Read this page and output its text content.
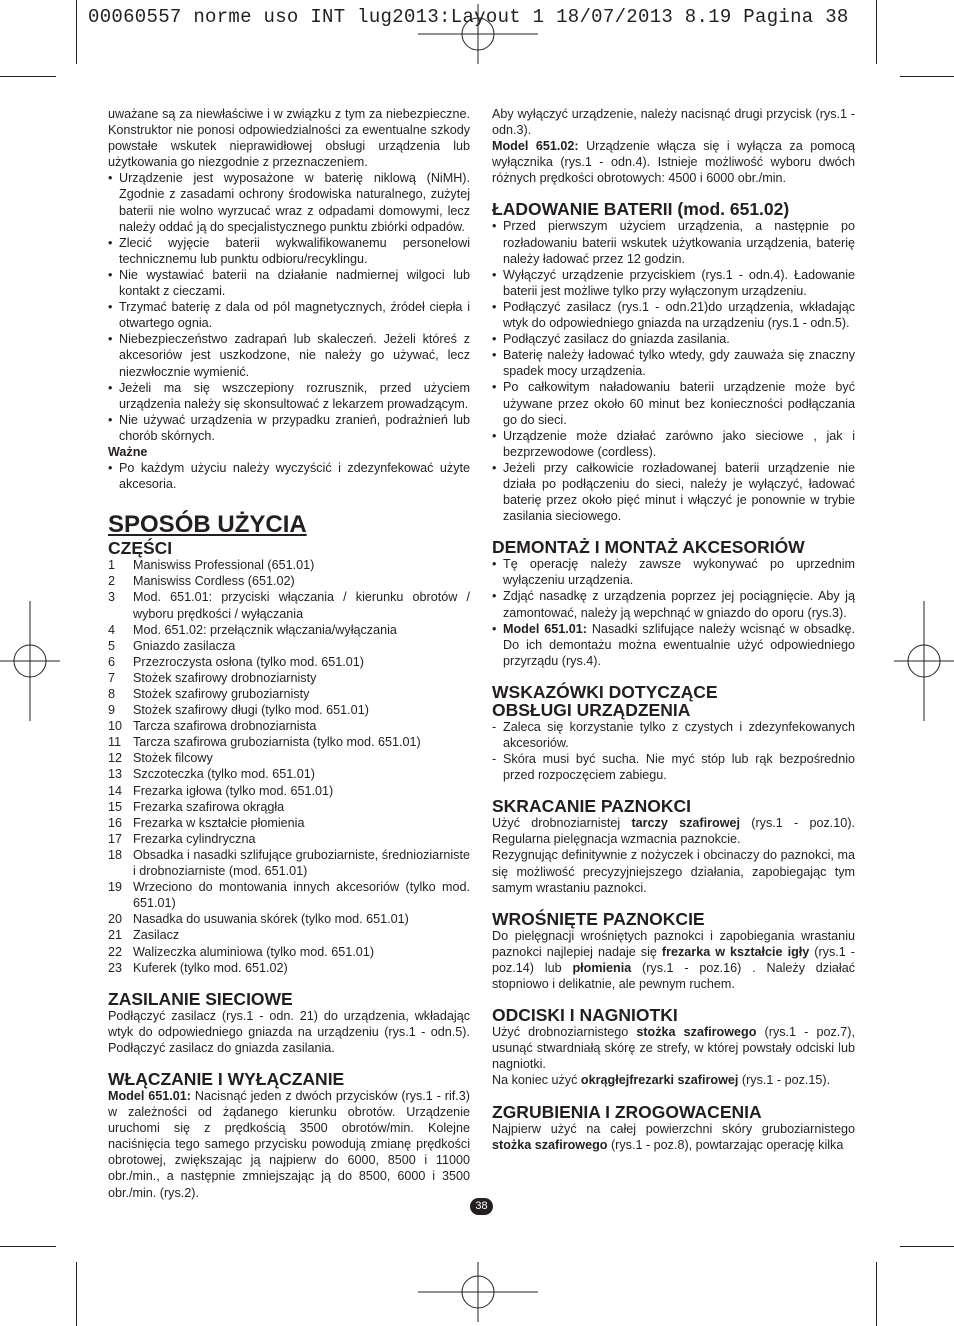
00060557 norme uso INT lug2013:Layout 1 18/07/2013 8.19 Pagina 38

uważane są za niewłaściwe i w związku z tym za niebezpieczne. Konstruktor nie ponosi odpowiedzialności za ewentualne szkody powstałe wskutek nieprawidłowej obsługi urządzenia lub użytkowania go niezgodnie z przeznaczeniem.

• Urządzenie jest wyposażone w baterię niklową (NiMH). Zgodnie z zasadami ochrony środowiska naturalnego, zużytej baterii nie wolno wyrzucać wraz z odpadami domowymi, lecz należy oddać ją do specjalistycznego punktu zbiórki odpadów.
• Zlecić wyjęcie baterii wykwalifikowanemu personelowi technicznemu lub punktu odbioru/recyklingu.
• Nie wystawiać baterii na działanie nadmiernej wilgoci lub kontakt z cieczami.
• Trzymać baterię z dala od pól magnetycznych, źródeł ciepła i otwartego ognia.
• Niebezpieczeństwo zadrapań lub skaleczeń. Jeżeli któreś z akcesoriów jest uszkodzone, nie należy go używać, lecz niezwłocznie wymienić.
• Jeżeli ma się wszczepiony rozrusznik, przed użyciem urządzenia należy się skonsultować z lekarzem prowadzącym.
• Nie używać urządzenia w przypadku zranień, podrażnień lub chorób skórnych.

Ważne

• Po każdym użyciu należy wyczyścić i zdezynfekować użyte akcesoria.
SPOSÓB UŻYCIA
CZĘŚCI
1 Maniswiss Professional (651.01)
2 Maniswiss Cordless (651.02)
3 Mod. 651.01: przyciski włączania / kierunku obrotów / wyboru prędkości / wyłączania
4 Mod. 651.02: przełącznik włączania/wyłączania
5 Gniazdo zasilacza
6 Przezroczysta osłona (tylko mod. 651.01)
7 Stożek szafirowy drobnoziarnisty
8 Stożek szafirowy gruboziarnisty
9 Stożek szafirowy długi (tylko mod. 651.01)
10 Tarcza szafirowa drobnoziarnista
11 Tarcza szafirowa gruboziarnista (tylko mod. 651.01)
12 Stożek filcowy
13 Szczoteczka (tylko mod. 651.01)
14 Frezarka igłowa (tylko mod. 651.01)
15 Frezarka szafirowa okrągła
16 Frezarka w kształcie płomienia
17 Frezarka cylindryczna
18 Obsadka i nasadki szlifujące gruboziarniste, średnioziarniste i drobnoziarniste (mod. 651.01)
19 Wrzeciono do montowania innych akcesoriów (tylko mod. 651.01)
20 Nasadka do usuwania skórek (tylko mod. 651.01)
21 Zasilacz
22 Walizeczka aluminiowa (tylko mod. 651.01)
23 Kuferek (tylko mod. 651.02)
ZASILANIE SIECIOWE

Podłączyć zasilacz (rys.1 - odn. 21) do urządzenia, wkładając wtyk do odpowiedniego gniazda na urządzeniu (rys.1 - odn.5). Podłączyć zasilacz do gniazda zasilania.

WŁĄCZANIE I WYŁĄCZANIE

Model 651.01: Nacisnąć jeden z dwóch przycisków (rys.1 - rif.3) w zależności od żądanego kierunku obrotów. Urządzenie uruchomi się z prędkością 3500 obrotów/min. Kolejne naciśnięcia tego samego przycisku powodują zmianę prędkości obrotowej, zwiększając ją najpierw do 6000, 8500 i 11000 obr./min., a następnie zmniejszając ją do 8500, 6000 i 3500 obr./min. (rys.2).

Aby wyłączyć urządzenie, należy nacisnąć drugi przycisk (rys.1 - odn.3).

Model 651.02: Urządzenie włącza się i wyłącza za pomocą wyłącznika (rys.1 - odn.4). Istnieje możliwość wyboru dwóch różnych prędkości obrotowych: 4500 i 6000 obr./min.

ŁADOWANIE BATERII (mod. 651.02)
• Przed pierwszym użyciem urządzenia, a następnie po rozładowaniu baterii wskutek użytkowania urządzenia, baterię należy ładować przez 12 godzin.
• Wyłączyć urządzenie przyciskiem (rys.1 - odn.4). Ładowanie baterii jest możliwe tylko przy wyłączonym urządzeniu.
• Podłączyć zasilacz (rys.1 - odn.21)do urządzenia, wkładając wtyk do odpowiedniego gniazda na urządzeniu (rys.1 - odn.5).
• Podłączyć zasilacz do gniazda zasilania.
• Baterię należy ładować tylko wtedy, gdy zauważa się znaczny spadek mocy urządzenia.
• Po całkowitym naładowaniu baterii urządzenie może być używane przez około 60 minut bez konieczności podłączania go do sieci.
• Urządzenie może działać zarówno jako sieciowe , jak i bezprzewodowe (cordless).
• Jeżeli przy całkowicie rozładowanej baterii urządzenie nie działa po podłączeniu do sieci, należy je wyłączyć, ładować baterię przez około pięć minut i włączyć je ponownie w trybie zasilania sieciowego.
DEMONTAŻ I MONTAŻ AKCESORIÓW
• Tę operację należy zawsze wykonywać po uprzednim wyłączeniu urządzenia.
• Zdjąć nasadkę z urządzenia poprzez jej pociągnięcie. Aby ją zamontować, należy ją wepchnąć w gniazdo do oporu (rys.3).
• Model 651.01: Nasadki szlifujące należy wcisnąć w obsadkę. Do ich demontażu można ewentualnie użyć odpowiedniego przyrządu (rys.4).
WSKAZÓWKI DOTYCZĄCE
OBSŁUGI URZĄDZENIA
- Zaleca się korzystanie tylko z czystych i zdezynfekowanych akcesoriów.
- Skóra musi być sucha. Nie myć stóp lub rąk bezpośrednio przed rozpoczęciem zabiegu.
SKRACANIE PAZNOKCI

Użyć drobnoziarnistej tarczy szafirowej (rys.1 - poz.10). Regularna pielęgnacja wzmacnia paznokcie.

Rezygnując definitywnie z nożyczek i obcinaczy do paznokci, ma się możliwość precyzyjniejszego działania, zapobiegając tym samym wrastaniu paznokci.

WROŚNIĘTE PAZNOKCIE

Do pielęgnacji wrośniętych paznokci i zapobiegania wrastaniu paznokci najlepiej nadaje się frezarka w kształcie igły (rys.1 - poz.14) lub płomienia (rys.1 - poz.16) . Należy działać stopniowo i delikatnie, ale pewnym ruchem.

ODCISKI I NAGNIOTKI

Użyć drobnoziarnistego stożka szafirowego (rys.1 - poz.7), usunąć stwardniałą skórę ze strefy, w której powstały odciski lub nagniotki.

Na koniec użyć okrągłejfrezarki szafirowej (rys.1 - poz.15).

ZGRUBIENIA I ZROGOWACENIA

Najpierw użyć na całej powierzchni skóry gruboziarnistego stożka szafirowego (rys.1 - poz.8), powtarzając operację kilka

38
